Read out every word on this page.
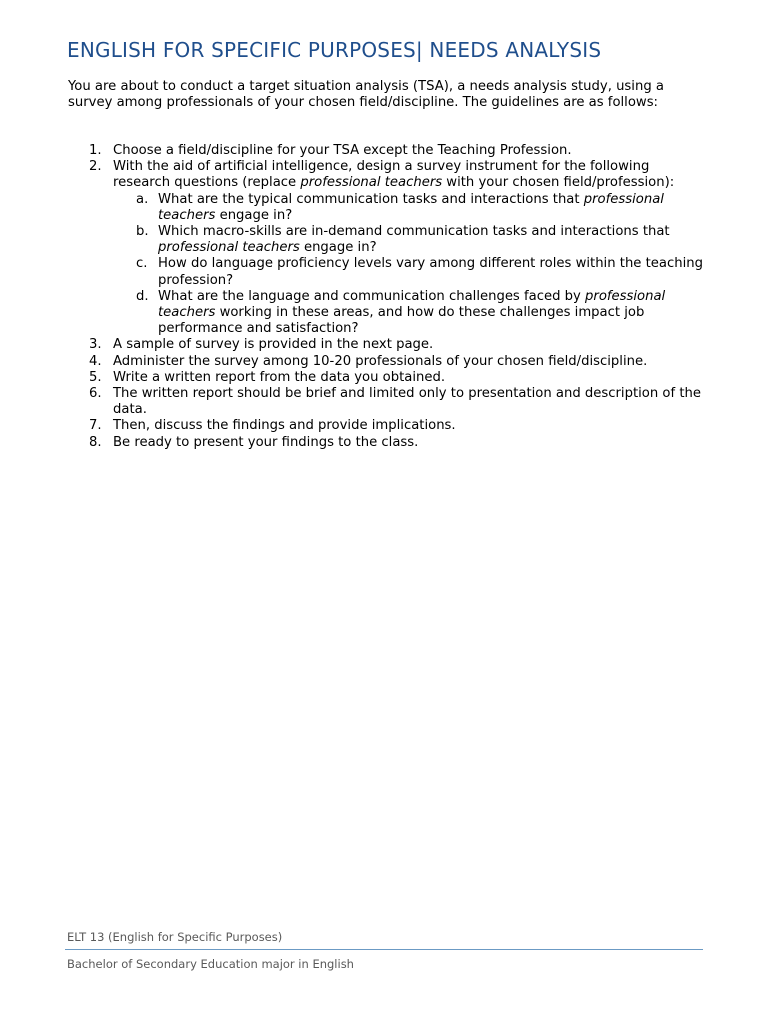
ENGLISH FOR SPECIFIC PURPOSES| NEEDS ANALYSIS
You are about to conduct a target situation analysis (TSA), a needs analysis study, using a survey among professionals of your chosen field/discipline. The guidelines are as follows:
1. Choose a field/discipline for your TSA except the Teaching Profession.
2. With the aid of artificial intelligence, design a survey instrument for the following research questions (replace professional teachers with your chosen field/profession):
a. What are the typical communication tasks and interactions that professional teachers engage in?
b. Which macro-skills are in-demand communication tasks and interactions that professional teachers engage in?
c. How do language proficiency levels vary among different roles within the teaching profession?
d. What are the language and communication challenges faced by professional teachers working in these areas, and how do these challenges impact job performance and satisfaction?
3. A sample of survey is provided in the next page.
4. Administer the survey among 10-20 professionals of your chosen field/discipline.
5. Write a written report from the data you obtained.
6. The written report should be brief and limited only to presentation and description of the data.
7. Then, discuss the findings and provide implications.
8. Be ready to present your findings to the class.
ELT 13 (English for Specific Purposes)
Bachelor of Secondary Education major in English
